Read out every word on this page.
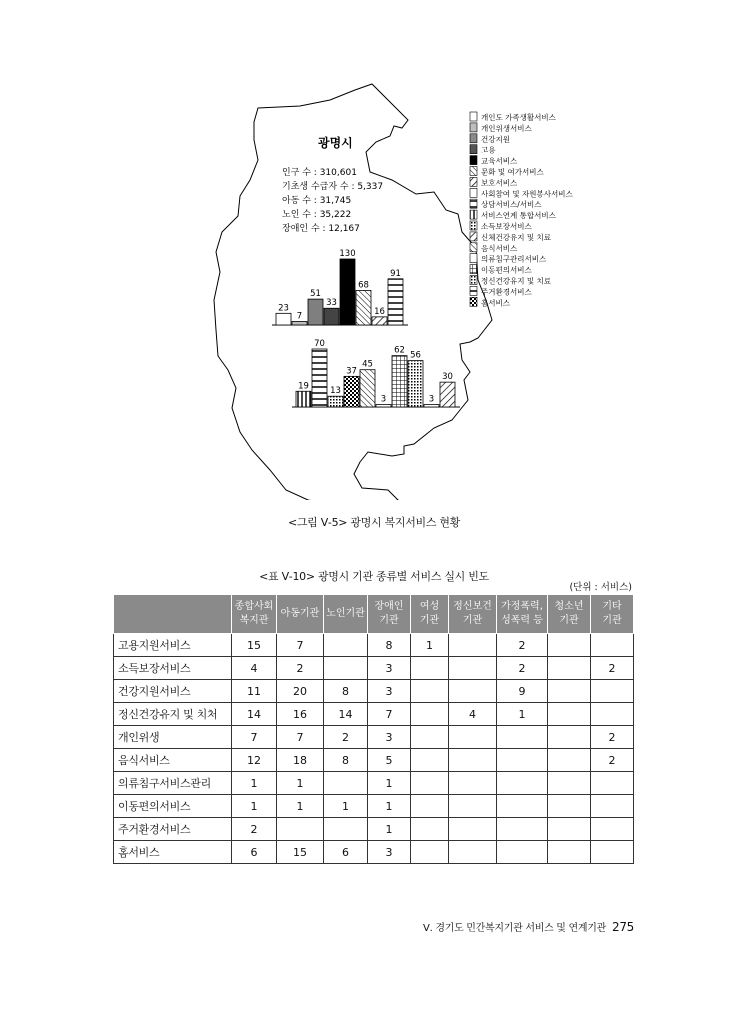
광명시
인구 수 : 310,601
기초생 수급자 수 : 5,337
아동 수 : 31,745
노인 수 : 35,222
장애인 수 : 12,167
23
7
51
33
130
68
16
91
19
70
13
37
45
3
62 56
3
30
개인도 가족생활서비스
개인위생서비스
건강지원
고용
교육서비스
문화 및 여가서비스
보호서비스
사회참여 및 자원봉사서비스
상담서비스/서비스
서비스연계 통합서비스
소득보장서비스
신체건강유지 및 치료
음식서비스
의류침구관리서비스
이동편의서비스
정신건강유지 및 치료
주거환경서비스
홈서비스
<그림 Ⅴ-5> 광명시 복지서비스 현황
<표 Ⅴ-10> 광명시 기관 종류별 서비스 실시 빈도
(단위 : 서비스)
	종합사회
복지관	아동기관	노인기관	장애인
기관	여성
기관	정신보건
기관	가정폭력,
성폭력 등	청소년
기관	기타
기관
고용지원서비스	15	7		8	1		2		
소득보장서비스	4	2		3			2		2
건강지원서비스	11	20	8	3			9		
정신건강유지 및 치처	14	16	14	7		4	1		
개인위생	7	7	2	3					2
음식서비스	12	18	8	5					2
의류침구서비스관리	1	1		1					
이동편의서비스	1	1	1	1					
주거환경서비스	2			1					
홈서비스	6	15	6	3					
Ⅴ. 경기도 민간복지기관 서비스 및 연계기관 275
